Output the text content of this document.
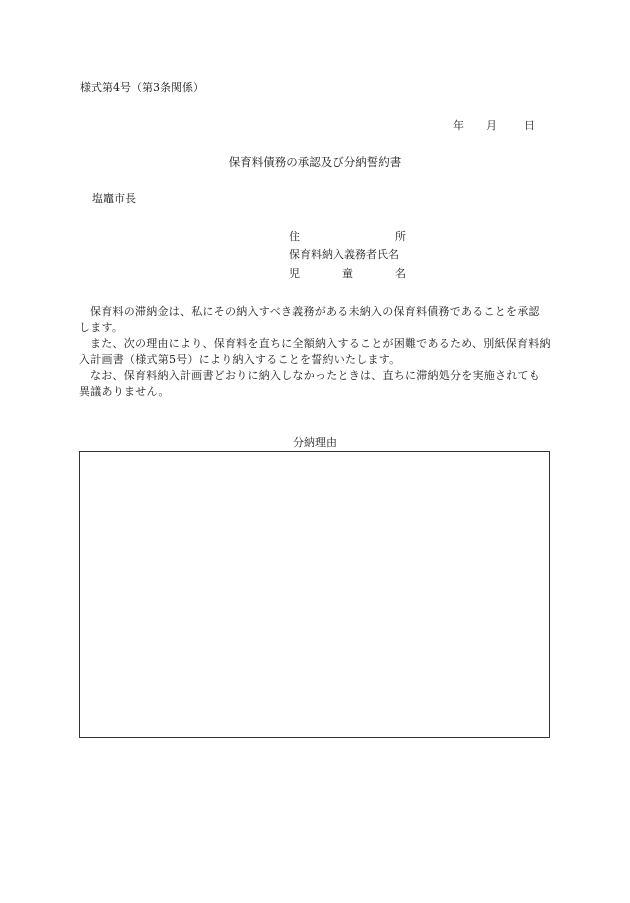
様式第4号（第3条関係）
年 月 日
保育料債務の承認及び分納誓約書
塩竈市長
住	所
保育料納入義務者氏名
児	童	名

保育料の滞納金は、私にその納入すべき義務がある未納入の保育料債務であることを承認します。

また、次の理由により、保育料を直ちに全額納入することが困難であるため、別紙保育料納入計画書（様式第5号）により納入することを誓約いたします。

なお、保育料納入計画書どおりに納入しなかったときは、直ちに滞納処分を実施されても異議ありません。

分納理由
